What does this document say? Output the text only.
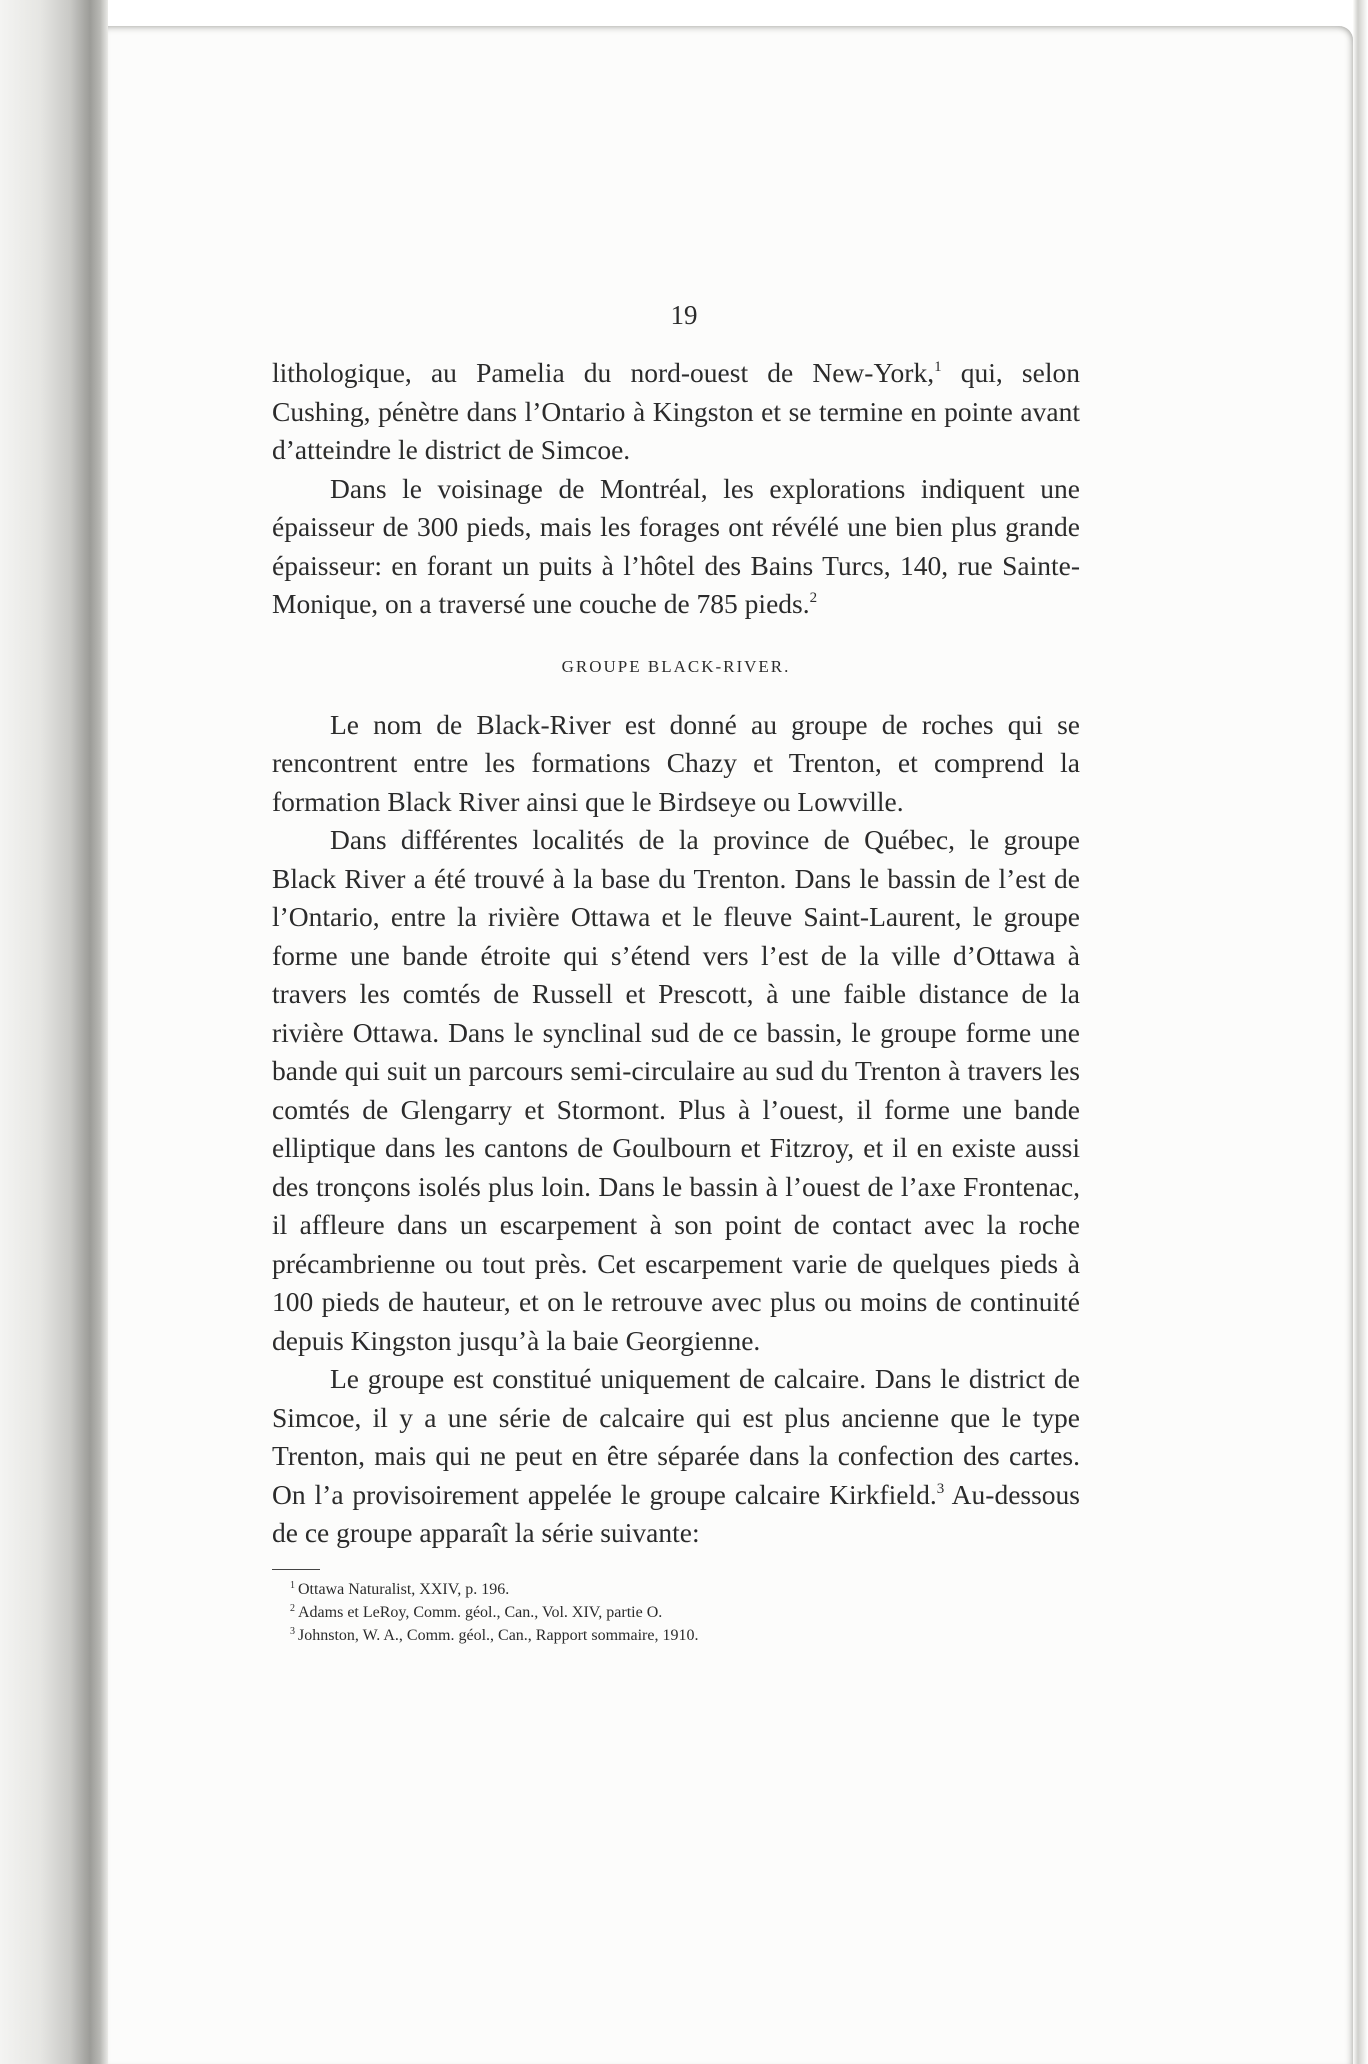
19

lithologique, au Pamelia du nord-ouest de New-York,$^1$ qui, selon Cushing, pénètre dans l’Ontario à Kingston et se termine en pointe avant d’atteindre le district de Simcoe.

Dans le voisinage de Montréal, les explorations indiquent une épaisseur de 300 pieds, mais les forages ont révélé une bien plus grande épaisseur: en forant un puits à l’hôtel des Bains Turcs, 140, rue Sainte-Monique, on a traversé une couche de 785 pieds.$^2$

GROUPE BLACK-RIVER.

Le nom de Black-River est donné au groupe de roches qui se rencontrent entre les formations Chazy et Trenton, et comprend la formation Black River ainsi que le Birdseye ou Lowville.

Dans différentes localités de la province de Québec, le groupe Black River a été trouvé à la base du Trenton. Dans le bassin de l’est de l’Ontario, entre la rivière Ottawa et le fleuve Saint-Laurent, le groupe forme une bande étroite qui s’étend vers l’est de la ville d’Ottawa à travers les comtés de Russell et Prescott, à une faible distance de la rivière Ottawa. Dans le synclinal sud de ce bassin, le groupe forme une bande qui suit un parcours semi-circulaire au sud du Trenton à travers les comtés de Glengarry et Stormont. Plus à l’ouest, il forme une bande elliptique dans les cantons de Goulbourn et Fitzroy, et il en existe aussi des tronçons isolés plus loin. Dans le bassin à l’ouest de l’axe Frontenac, il affleure dans un escarpement à son point de contact avec la roche précambrienne ou tout près. Cet escarpement varie de quelques pieds à 100 pieds de hauteur, et on le retrouve avec plus ou moins de continuité depuis Kingston jusqu’à la baie Georgienne.

Le groupe est constitué uniquement de calcaire. Dans le district de Simcoe, il y a une série de calcaire qui est plus ancienne que le type Trenton, mais qui ne peut en être séparée dans la confection des cartes. On l’a provisoirement appelée le groupe calcaire Kirkfield.$^3$ Au-dessous de ce groupe apparaît la série suivante:

$^1$ Ottawa Naturalist, XXIV, p. 196.
$^2$ Adams et LeRoy, Comm. géol., Can., Vol. XIV, partie O.
$^3$ Johnston, W. A., Comm. géol., Can., Rapport sommaire, 1910.
